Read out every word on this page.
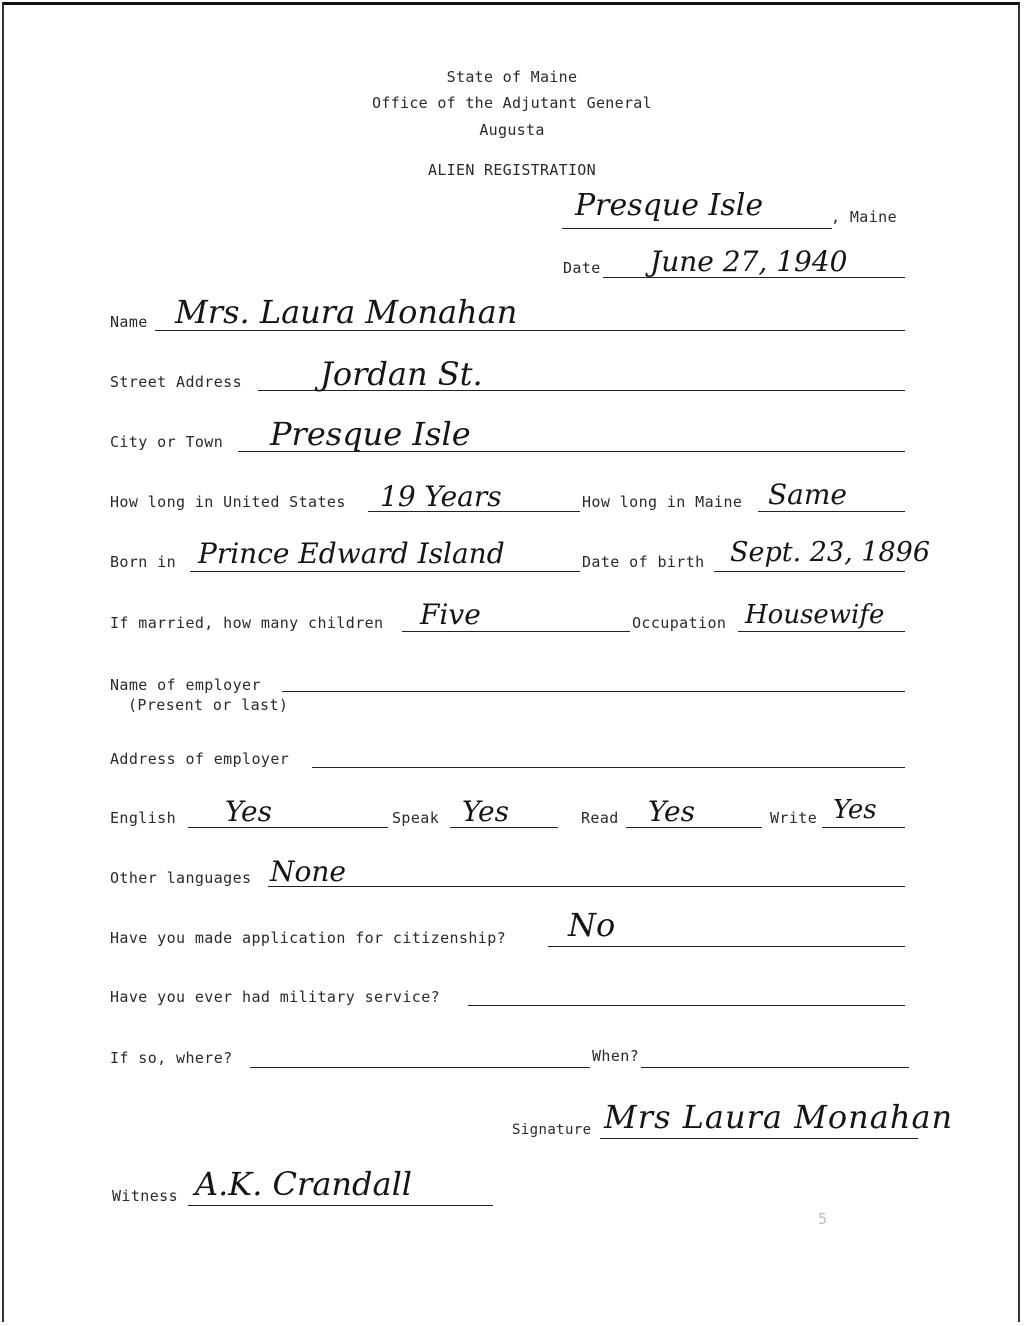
State of Maine
Office of the Adjutant General
Augusta
ALIEN REGISTRATION
Presque Isle	, Maine
Date June 27, 1940
Name Mrs. Laura Monahan
Street Address Jordan St.
City or Town Presque Isle
How long in United States 19 Years	How long in Maine Same
Born in Prince Edward Island	Date of birth Sept. 23, 1896
If married, how many children Five	Occupation Housewife
Name of employer
(Present or last)
Address of employer
English Yes	Speak Yes	Read Yes	Write Yes
Other languages None
Have you made application for citizenship? No
Have you ever had military service?
If so, where?	When?
Signature Mrs Laura Monahan
Witness A.K. Crandall
5
